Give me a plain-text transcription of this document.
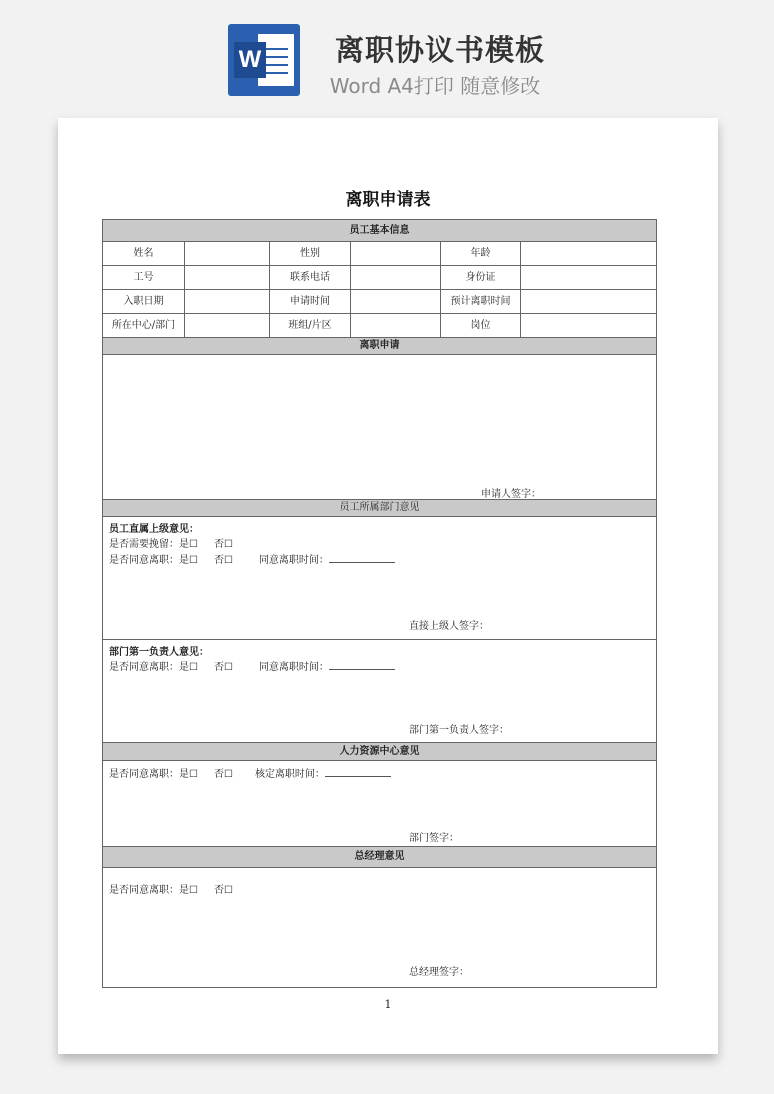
W	离职协议书模板
Word A4打印 随意修改
离职申请表
员工基本信息
姓名	性别	年龄
工号	联系电话	身份证
入职日期	申请时间	预计离职时间
所在中心/部门	班组/片区	岗位
离职申请
申请人签字：
员工所属部门意见
员工直属上级意见：
是否需要挽留：是☐ 否☐
是否同意离职：是☐ 否☐	同意离职时间：
直接上级人签字：
部门第一负责人意见：
是否同意离职：是☐ 否☐	同意离职时间：
部门第一负责人签字：
人力资源中心意见
是否同意离职：是☐ 否☐ 核定离职时间：
部门签字：
总经理意见
是否同意离职：是☐ 否☐
总经理签字：
1
